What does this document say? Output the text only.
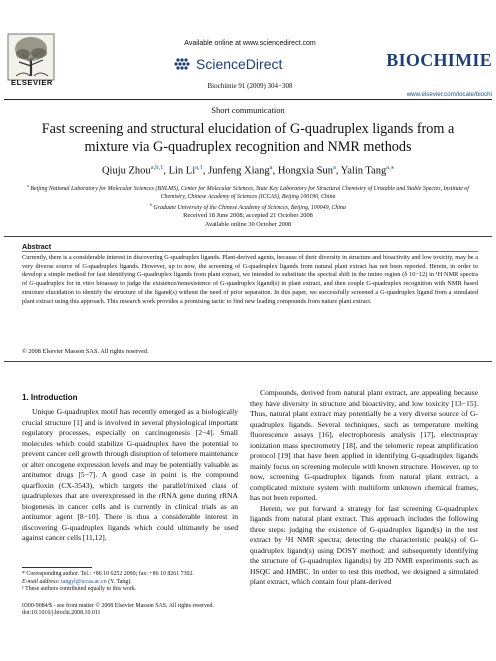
ELSEVIER
Available online at www.sciencedirect.com
ScienceDirect
Biochimie 91 (2009) 304−308
BIOCHIMIE
www.elsevier.com/locate/biochi
Short communication
Fast screening and structural elucidation of G-quadruplex ligands from a mixture via G-quadruplex recognition and NMR methods
Qiuju Zhou$^{a,b,1}$, Lin Li$^{a,1}$, Junfeng Xiang$^a$, Hongxia Sun$^a$, Yalin Tang$^{a,⁎}$
$^a$ Beijing National Laboratory for Molecular Sciences (BNLMS), Center for Molecular Sciences, State Key Laboratory for Structural Chemistry of Unstable and Stable Species, Institute of Chemistry, Chinese Academy of Sciences (ICCAS), Beijing 100190, China
$^b$ Graduate University of the Chinese Academy of Sciences, Beijing, 100049, China
Received 18 June 2008; accepted 21 October 2008
Available online 30 October 2008
Abstract
Currently, there is a considerable interest in discovering G-quadruplex ligands. Plant-derived agents, because of their diversity in structure and bioactivity and low toxicity, may be a very diverse source of G-quadruplex ligands. However, up to now, the screening of G-quadruplex ligands from natural plant extract has not been reported. Herein, in order to develop a simple method for fast identifying G-quadruplex ligands from plant extract, we intended to substitute the spectral shift in the imino region (δ 10−12) in ¹H NMR spectra of G-quadruplex for in vitro bioassay to judge the existence/nonexistence of G-quadruplex ligand(s) in plant extract, and then couple G-quadruplex recognition with NMR based structure elucidation to identify the structure of the ligand(s) without the need of prior separation. In this paper, we successfully screened a G-quadruplex ligand from a simulated plant extract using this approach. This research work provides a promising tactic to find new leading compounds from nature plant extract.
© 2008 Elsevier Masson SAS. All rights reserved.
1. Introduction

Unique G-quadruplex motif has recently emerged as a biologically crucial structure [1] and is involved in several physiological important regulatory processes, especially on carcinogenesis [2−4]. Small molecules which could stabilize G-quadruplex have the potential to prevent cancer cell growth through disruption of telomere maintenance or alter oncogene expression levels and may be potentially valuable as antitumor drugs [5−7]. A good case in point is the compound quarfloxin (CX-3543), which targets the parallel/mixed class of quadruplexes that are overexpressed in the rRNA gene during rRNA biogenesis in cancer cells and is currently in clinical trials as an antitumor agent [8−10]. There is thus a considerable interest in discovering G-quadruplex ligands which could ultimately be used against cancer cells [11,12].

Compounds, derived from natural plant extract, are appealing because they have diversity in structure and bioactivity, and low toxicity [13−15]. Thus, natural plant extract may potentially be a very diverse source of G-quadruplex ligands. Several techniques, such as temperature melting fluorescence assays [16], electrophoresis analysis [17], electrospray ionization mass spectrometry [18], and the telomeric repeat amplification protocol [19] that have been applied in identifying G-quadruplex ligands mainly focus on screening molecule with known structure. However, up to now, screening G-quadruplex ligands from natural plant extract, a complicated mixture system with multiform unknown chemical frames, has not been reported.

Herein, we put forward a strategy for fast screening G-quadruplex ligands from natural plant extract. This approach includes the following three steps: judging the existence of G-quadruplex ligand(s) in the test extract by ¹H NMR spectra; detecting the characteristic peak(s) of G-quadruplex ligand(s) using DOSY method; and subsequently identifying the structure of G-quadruplex ligand(s) by 2D NMR experiments such as HSQC and HMBC. In order to test this method, we designed a simulated plant extract, which contain four plant-derived

* Corresponding author. Tel.: +86 10 6252 2090; fax: +86 10 8261 7302.
E-mail address: tangyl@iccas.ac.cn (Y. Tang).
¹ These authors contributed equally to this work.
0300-9084/$ - see front matter © 2008 Elsevier Masson SAS. All rights reserved.
doi:10.1016/j.biochi.2008.10.011
